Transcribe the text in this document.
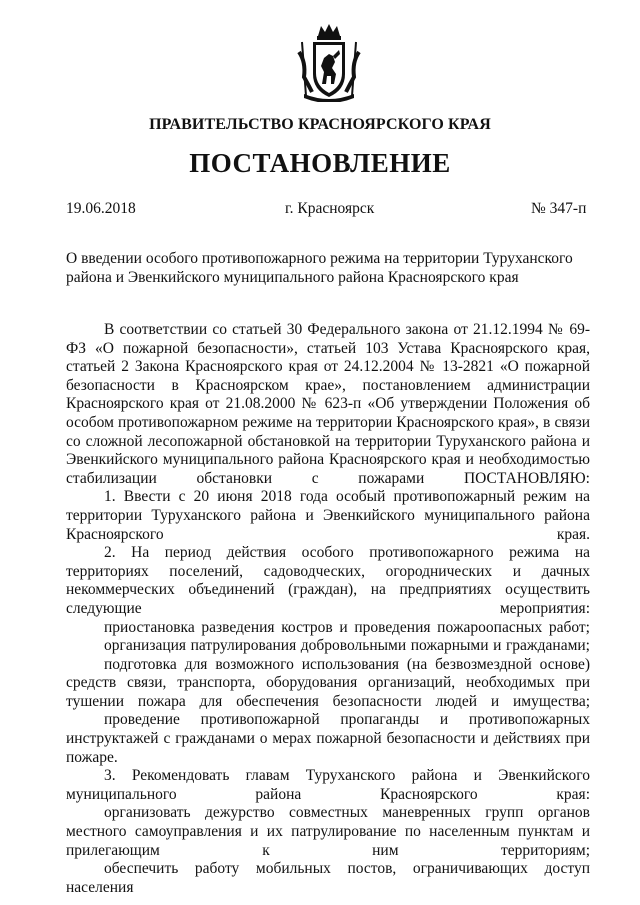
ПРАВИТЕЛЬСТВО КРАСНОЯРСКОГО КРАЯ
ПОСТАНОВЛЕНИЕ
19.06.2018	г. Красноярск	№ 347-п
О введении особого противопожарного режима на территории Туруханского района и Эвенкийского муниципального района Красноярского края

В соответствии со статьей 30 Федерального закона от 21.12.1994 № 69-ФЗ «О пожарной безопасности», статьей 103 Устава Красноярского края, статьей 2 Закона Красноярского края от 24.12.2004 № 13-2821 «О пожарной безопасности в Красноярском крае», постановлением администрации Красноярского края от 21.08.2000 № 623-п «Об утверждении Положения об особом противопожарном режиме на территории Красноярского края», в связи со сложной лесопожарной обстановкой на территории Туруханского района и Эвенкийского муниципального района Красноярского края и необходимостью стабилизации обстановки с пожарами ПОСТАНОВЛЯЮ:

1. Ввести с 20 июня 2018 года особый противопожарный режим на территории Туруханского района и Эвенкийского муниципального района Красноярского края.

2. На период действия особого противопожарного режима на территориях поселений, садоводческих, огороднических и дачных некоммерческих объединений (граждан), на предприятиях осуществить следующие мероприятия:

приостановка разведения костров и проведения пожароопасных работ;

организация патрулирования добровольными пожарными и гражданами;

подготовка для возможного использования (на безвозмездной основе) средств связи, транспорта, оборудования организаций, необходимых при тушении пожара для обеспечения безопасности людей и имущества;

проведение противопожарной пропаганды и противопожарных инструктажей с гражданами о мерах пожарной безопасности и действиях при пожаре.

3. Рекомендовать главам Туруханского района и Эвенкийского муниципального района Красноярского края:

организовать дежурство совместных маневренных групп органов местного самоуправления и их патрулирование по населенным пунктам и прилегающим к ним территориям;

обеспечить работу мобильных постов, ограничивающих доступ населения
